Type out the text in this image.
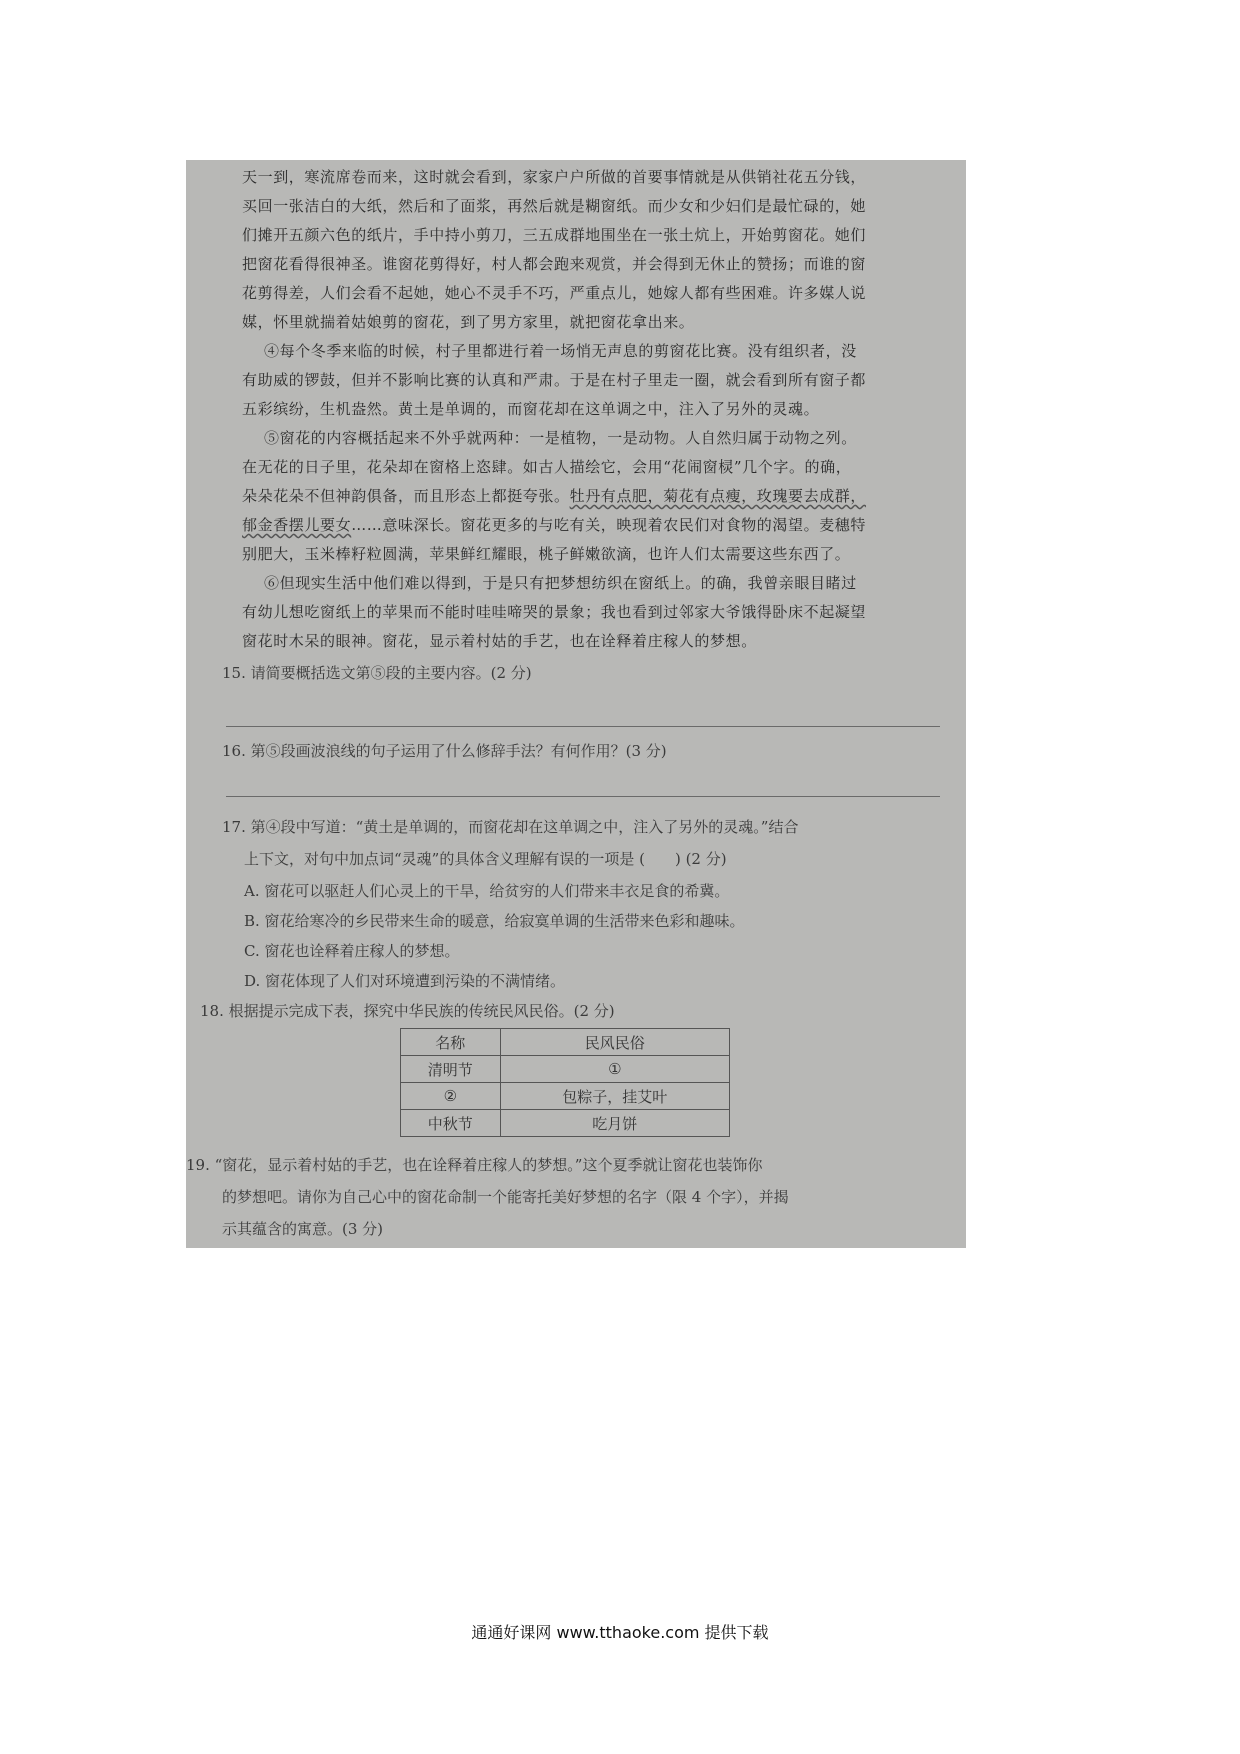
天一到，寒流席卷而来，这时就会看到，家家户户所做的首要事情就是从供销社花五分钱，
买回一张洁白的大纸，然后和了面浆，再然后就是糊窗纸。而少女和少妇们是最忙碌的，她
们摊开五颜六色的纸片，手中持小剪刀，三五成群地围坐在一张土炕上，开始剪窗花。她们
把窗花看得很神圣。谁窗花剪得好，村人都会跑来观赏，并会得到无休止的赞扬；而谁的窗
花剪得差，人们会看不起她，她心不灵手不巧，严重点儿，她嫁人都有些困难。许多媒人说
媒，怀里就揣着姑娘剪的窗花，到了男方家里，就把窗花拿出来。
④每个冬季来临的时候，村子里都进行着一场悄无声息的剪窗花比赛。没有组织者，没
有助威的锣鼓，但并不影响比赛的认真和严肃。于是在村子里走一圈，就会看到所有窗子都
五彩缤纷，生机盎然。黄土是单调的，而窗花却在这单调之中，注入了另外的灵魂。
⑤窗花的内容概括起来不外乎就两种：一是植物，一是动物。人自然归属于动物之列。
在无花的日子里，花朵却在窗格上恣肆。如古人描绘它，会用“花闹窗棂”几个字。的确，
朵朵花朵不但神韵俱备，而且形态上都挺夸张。牡丹有点肥，菊花有点瘦，玫瑰要去成群，
郁金香摆儿要女……意味深长。窗花更多的与吃有关，映现着农民们对食物的渴望。麦穗特
别肥大，玉米棒籽粒圆满，苹果鲜红耀眼，桃子鲜嫩欲滴，也许人们太需要这些东西了。
⑥但现实生活中他们难以得到，于是只有把梦想纺织在窗纸上。的确，我曾亲眼目睹过
有幼儿想吃窗纸上的苹果而不能时哇哇啼哭的景象；我也看到过邻家大爷饿得卧床不起凝望
窗花时木呆的眼神。窗花，显示着村姑的手艺，也在诠释着庄稼人的梦想。
15. 请简要概括选文第⑤段的主要内容。(2 分)
16. 第⑤段画波浪线的句子运用了什么修辞手法？有何作用？(3 分)
17. 第④段中写道：“黄土是单调的，而窗花却在这单调之中，注入了另外的灵魂。”结合
上下文，对句中加点词“灵魂”的具体含义理解有误的一项是 (　　) (2 分)
A. 窗花可以驱赶人们心灵上的干旱，给贫穷的人们带来丰衣足食的希冀。
B. 窗花给寒冷的乡民带来生命的暖意，给寂寞单调的生活带来色彩和趣味。
C. 窗花也诠释着庄稼人的梦想。
D. 窗花体现了人们对环境遭到污染的不满情绪。
18. 根据提示完成下表，探究中华民族的传统民风民俗。(2 分)
名称	民风民俗
清明节	①
②	包粽子，挂艾叶
中秋节	吃月饼
19. “窗花，显示着村姑的手艺，也在诠释着庄稼人的梦想。”这个夏季就让窗花也装饰你
的梦想吧。请你为自己心中的窗花命制一个能寄托美好梦想的名字（限 4 个字），并揭
示其蕴含的寓意。(3 分)
通通好课网 www.tthaoke.com 提供下载
